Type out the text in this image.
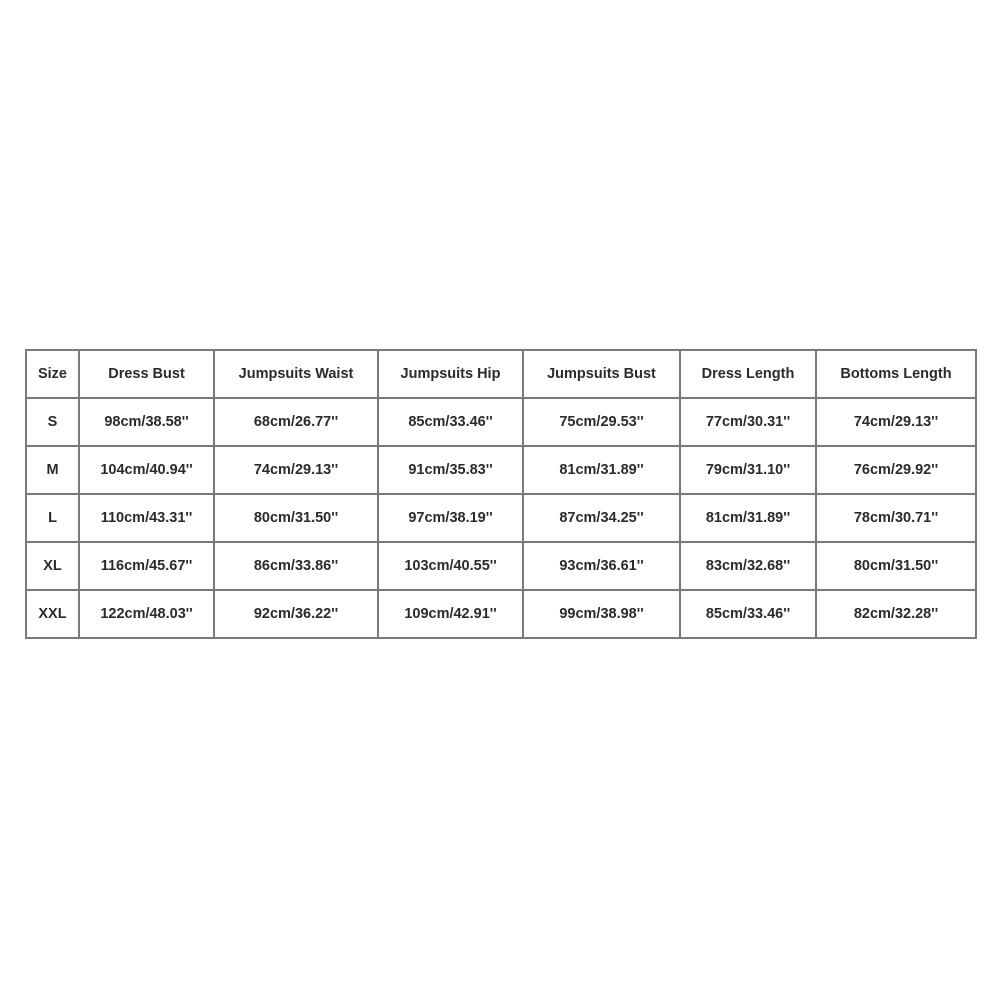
Size	Dress Bust	Jumpsuits Waist	Jumpsuits Hip	Jumpsuits Bust	Dress Length	Bottoms Length
S	98cm/38.58''	68cm/26.77''	85cm/33.46''	75cm/29.53''	77cm/30.31''	74cm/29.13''
M	104cm/40.94''	74cm/29.13''	91cm/35.83''	81cm/31.89''	79cm/31.10''	76cm/29.92''
L	110cm/43.31''	80cm/31.50''	97cm/38.19''	87cm/34.25''	81cm/31.89''	78cm/30.71''
XL	116cm/45.67''	86cm/33.86''	103cm/40.55''	93cm/36.61''	83cm/32.68''	80cm/31.50''
XXL	122cm/48.03''	92cm/36.22''	109cm/42.91''	99cm/38.98''	85cm/33.46''	82cm/32.28''
